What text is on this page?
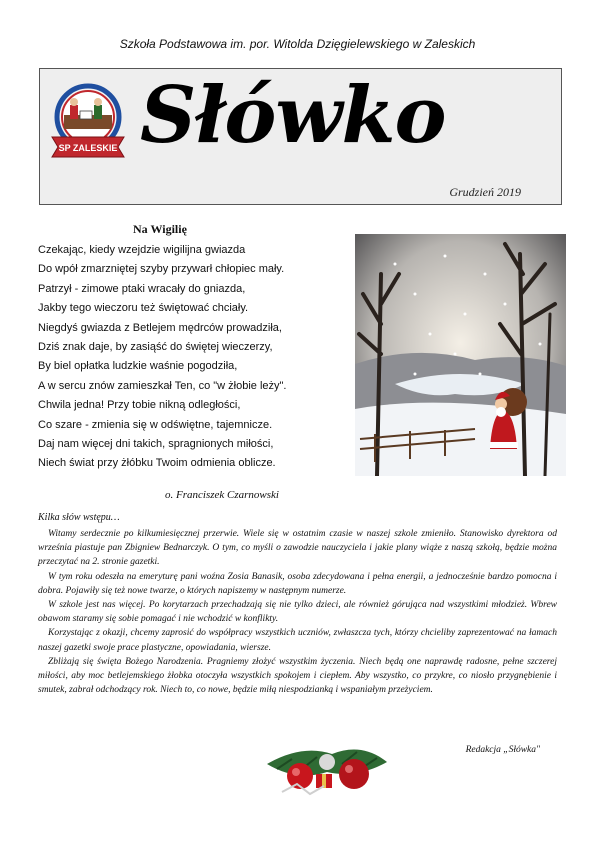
Szkoła Podstawowa im. por. Witolda Dzięgielewskiego w Zaleskich
SP ZALESKIE Słówko
Grudzień 2019
Na Wigilię
Czekając, kiedy wzejdzie wigilijna gwiazda
Do wpół zmarzniętej szyby przywarł chłopiec mały.
Patrzył - zimowe ptaki wracały do gniazda,
Jakby tego wieczoru też świętować chciały.
Niegdyś gwiazda z Betlejem mędrców prowadziła,
Dziś znak daje, by zasiąść do świętej wieczerzy,
By biel opłatka ludzkie waśnie pogodziła,
A w sercu znów zamieszkał Ten, co "w żłobie leży".
Chwila jedna! Przy tobie nikną odległości,
Co szare - zmienia się w odświętne, tajemnicze.
Daj nam więcej dni takich, spragnionych miłości,
Niech świat przy żłóbku Twoim odmienia oblicze.
o. Franciszek Czarnowski
Kilka słów wstępu…

Witamy serdecznie po kilkumiesięcznej przerwie. Wiele się w ostatnim czasie w naszej szkole zmieniło. Stanowisko dyrektora od września piastuje pan Zbigniew Bednarczyk. O tym, co myśli o zawodzie nauczyciela i jakie plany wiąże z naszą szkołą, będzie można przeczytać na 2. stronie gazetki.

W tym roku odeszła na emeryturę pani woźna Zosia Banasik, osoba zdecydowana i pełna energii, a jednocześnie bardzo pomocna i dobra. Pojawiły się też nowe twarze, o których napiszemy w następnym numerze.

W szkole jest nas więcej. Po korytarzach przechadzają się nie tylko dzieci, ale również górująca nad wszystkimi młodzież. Wbrew obawom staramy się sobie pomagać i nie wchodzić w konflikty.

Korzystając z okazji, chcemy zaprosić do współpracy wszystkich uczniów, zwłaszcza tych, którzy chcieliby zaprezentować na łamach naszej gazetki swoje prace plastyczne, opowiadania, wiersze.

Zbliżają się święta Bożego Narodzenia. Pragniemy złożyć wszystkim życzenia. Niech będą one naprawdę radosne, pełne szczerej miłości, aby moc betlejemskiego żłobka otoczyła wszystkich spokojem i ciepłem. Aby wszystko, co przykre, co niosło przygnębienie i smutek, zabrał odchodzący rok. Niech to, co nowe, będzie miłą niespodzianką i wspaniałym przeżyciem.

Redakcja „Słówka"
